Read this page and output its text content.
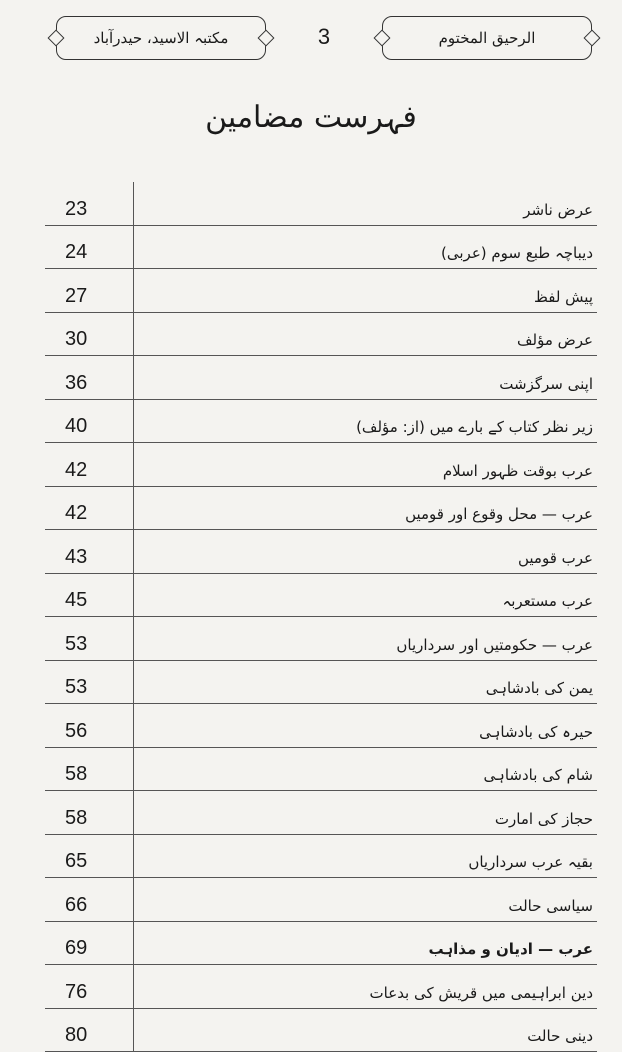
مکتبہ الاسید، حیدرآباد	3	الرحیق المختوم
فہرست مضامین
23	عرض ناشر
24	دیباچہ طبع سوم (عربی)
27	پیش لفظ
30	عرض مؤلف
36	اپنی سرگزشت
40	زیر نظر کتاب کے بارے میں (از: مؤلف)
42	عرب بوقت ظہور اسلام
42	عرب — محل وقوع اور قومیں
43	عرب قومیں
45	عرب مستعربہ
53	عرب — حکومتیں اور سرداریاں
53	یمن کی بادشاہی
56	حیرہ کی بادشاہی
58	شام کی بادشاہی
58	حجاز کی امارت
65	بقیہ عرب سرداریاں
66	سیاسی حالت
69	عرب — ادیان و مذاہب
76	دین ابراہیمی میں قریش کی بدعات
80	دینی حالت
